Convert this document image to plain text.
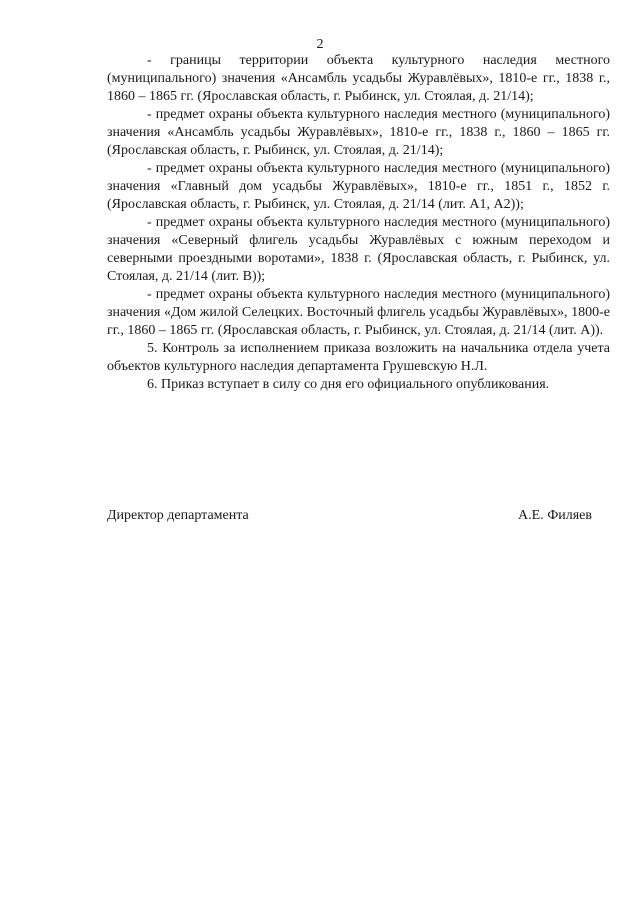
2

- границы территории объекта культурного наследия местного (муниципального) значения «Ансамбль усадьбы Журавлёвых», 1810-е гг., 1838 г., 1860 – 1865 гг. (Ярославская область, г. Рыбинск, ул. Стоялая, д. 21/14);

- предмет охраны объекта культурного наследия местного (муниципального) значения «Ансамбль усадьбы Журавлёвых», 1810-е гг., 1838 г., 1860 – 1865 гг. (Ярославская область, г. Рыбинск, ул. Стоялая, д. 21/14);

- предмет охраны объекта культурного наследия местного (муниципального) значения «Главный дом усадьбы Журавлёвых», 1810-е гг., 1851 г., 1852 г. (Ярославская область, г. Рыбинск, ул. Стоялая, д. 21/14 (лит. А1, А2));

- предмет охраны объекта культурного наследия местного (муниципального) значения «Северный флигель усадьбы Журавлёвых с южным переходом и северными проездными воротами», 1838 г. (Ярославская область, г. Рыбинск, ул. Стоялая, д. 21/14 (лит. В));

- предмет охраны объекта культурного наследия местного (муниципального) значения «Дом жилой Селецких. Восточный флигель усадьбы Журавлёвых», 1800-е гг., 1860 – 1865 гг. (Ярославская область, г. Рыбинск, ул. Стоялая, д. 21/14 (лит. А)).

5. Контроль за исполнением приказа возложить на начальника отдела учета объектов культурного наследия департамента Грушевскую Н.Л.

6. Приказ вступает в силу со дня его официального опубликования.

Директор департамента	А.Е. Филяев
